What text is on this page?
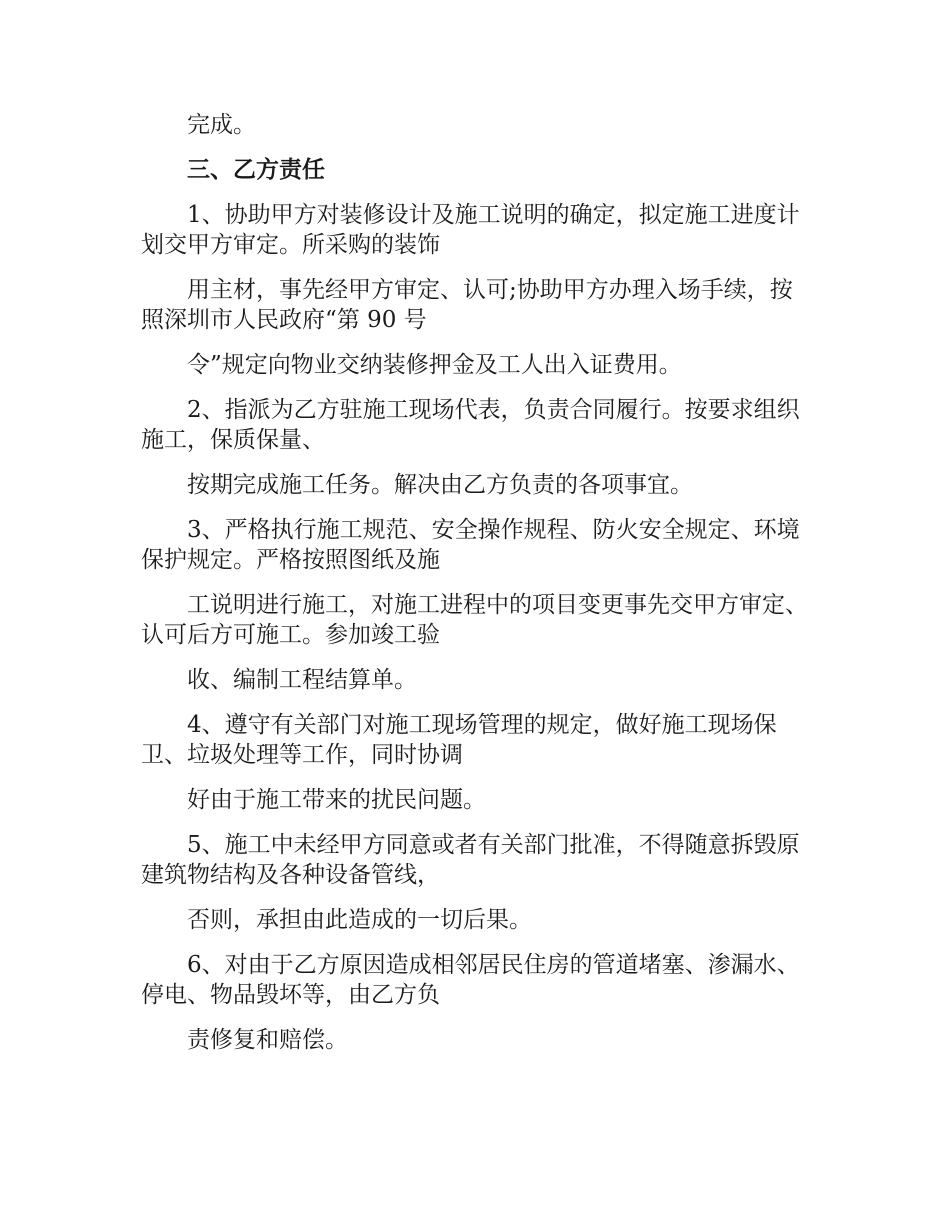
完成。

三、乙方责任

1、协助甲方对装修设计及施工说明的确定，拟定施工进度计划交甲方审定。所采购的装饰

用主材，事先经甲方审定、认可;协助甲方办理入场手续，按照深圳市人民政府“第 90 号

令”规定向物业交纳装修押金及工人出入证费用。

2、指派为乙方驻施工现场代表，负责合同履行。按要求组织施工，保质保量、

按期完成施工任务。解决由乙方负责的各项事宜。

3、严格执行施工规范、安全操作规程、防火安全规定、环境保护规定。严格按照图纸及施

工说明进行施工，对施工进程中的项目变更事先交甲方审定、认可后方可施工。参加竣工验

收、编制工程结算单。

4、遵守有关部门对施工现场管理的规定，做好施工现场保卫、垃圾处理等工作，同时协调

好由于施工带来的扰民问题。

5、施工中未经甲方同意或者有关部门批准，不得随意拆毁原建筑物结构及各种设备管线，

否则，承担由此造成的一切后果。

6、对由于乙方原因造成相邻居民住房的管道堵塞、渗漏水、停电、物品毁坏等，由乙方负

责修复和赔偿。
